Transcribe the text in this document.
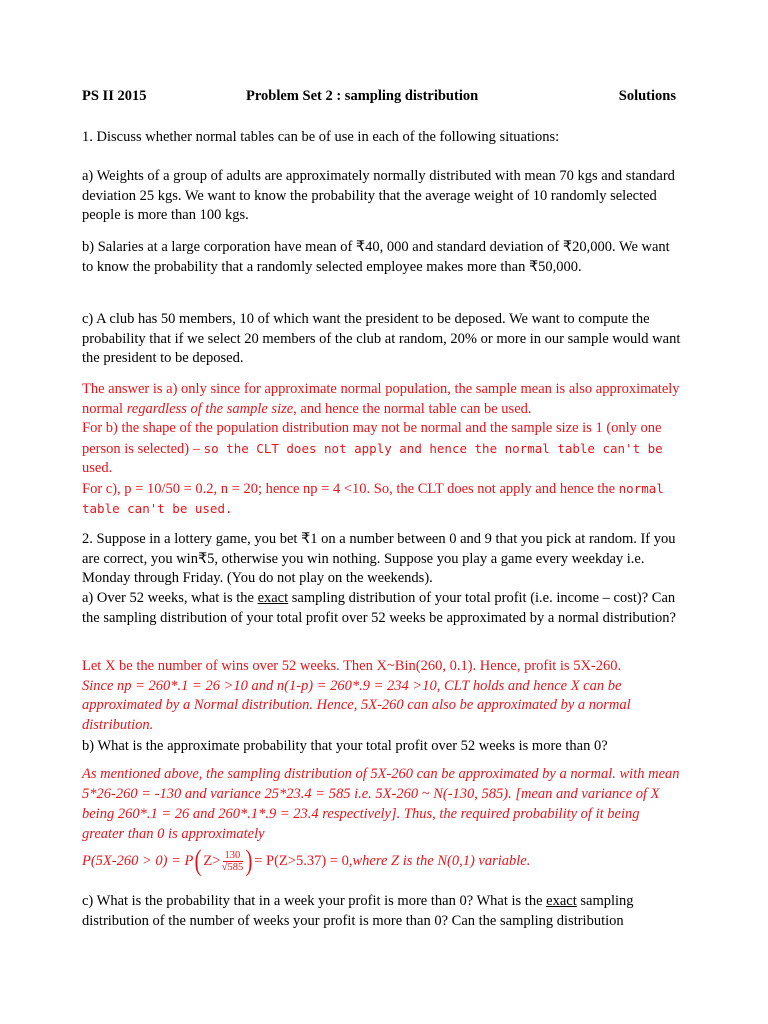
PS II 2015	Problem Set 2 : sampling distribution	Solutions

1. Discuss whether normal tables can be of use in each of the following situations:

a) Weights of a group of adults are approximately normally distributed with mean 70 kgs and standard deviation 25 kgs. We want to know the probability that the average weight of 10 randomly selected people is more than 100 kgs.

b) Salaries at a large corporation have mean of ₹40, 000 and standard deviation of ₹20,000. We want to know the probability that a randomly selected employee makes more than ₹50,000.

c) A club has 50 members, 10 of which want the president to be deposed. We want to compute the probability that if we select 20 members of the club at random, 20% or more in our sample would want the president to be deposed.

The answer is a) only since for approximate normal population, the sample mean is also approximately normal regardless of the sample size, and hence the normal table can be used.
For b) the shape of the population distribution may not be normal and the sample size is 1 (only one person is selected) – so the CLT does not apply and hence the normal table can't be
used.
For c), p = 10/50 = 0.2, n = 20; hence np = 4 <10. So, the CLT does not apply and hence the normal table can't be used.

2. Suppose in a lottery game, you bet ₹1 on a number between 0 and 9 that you pick at random. If you are correct, you win₹5, otherwise you win nothing. Suppose you play a game every weekday i.e. Monday through Friday. (You do not play on the weekends).

a) Over 52 weeks, what is the exact sampling distribution of your total profit (i.e. income – cost)? Can the sampling distribution of your total profit over 52 weeks be approximated by a normal distribution?

Let X be the number of wins over 52 weeks. Then X~Bin(260, 0.1). Hence, profit is 5X-260.
Since np = 260*.1 = 26 >10 and n(1-p) = 260*.9 = 234 >10, CLT holds and hence X can be approximated by a Normal distribution. Hence, 5X-260 can also be approximated by a normal distribution.

b) What is the approximate probability that your total profit over 52 weeks is more than 0?

As mentioned above, the sampling distribution of 5X-260 can be approximated by a normal. with mean 5*26-260 = -130 and variance 25*23.4 = 585 i.e. 5X-260 ~ N(-130, 585). [mean and variance of X being 260*.1 = 26 and 260*.1*.9 = 23.4 respectively]. Thus, the required probability of it being greater than 0 is approximately

P(5X-260 > 0) = P ( Z> 130
√ 585 ) = P(Z>5.37) = 0, where Z is the N(0,1) variable.

c) What is the probability that in a week your profit is more than 0? What is the exact sampling distribution of the number of weeks your profit is more than 0? Can the sampling distribution
